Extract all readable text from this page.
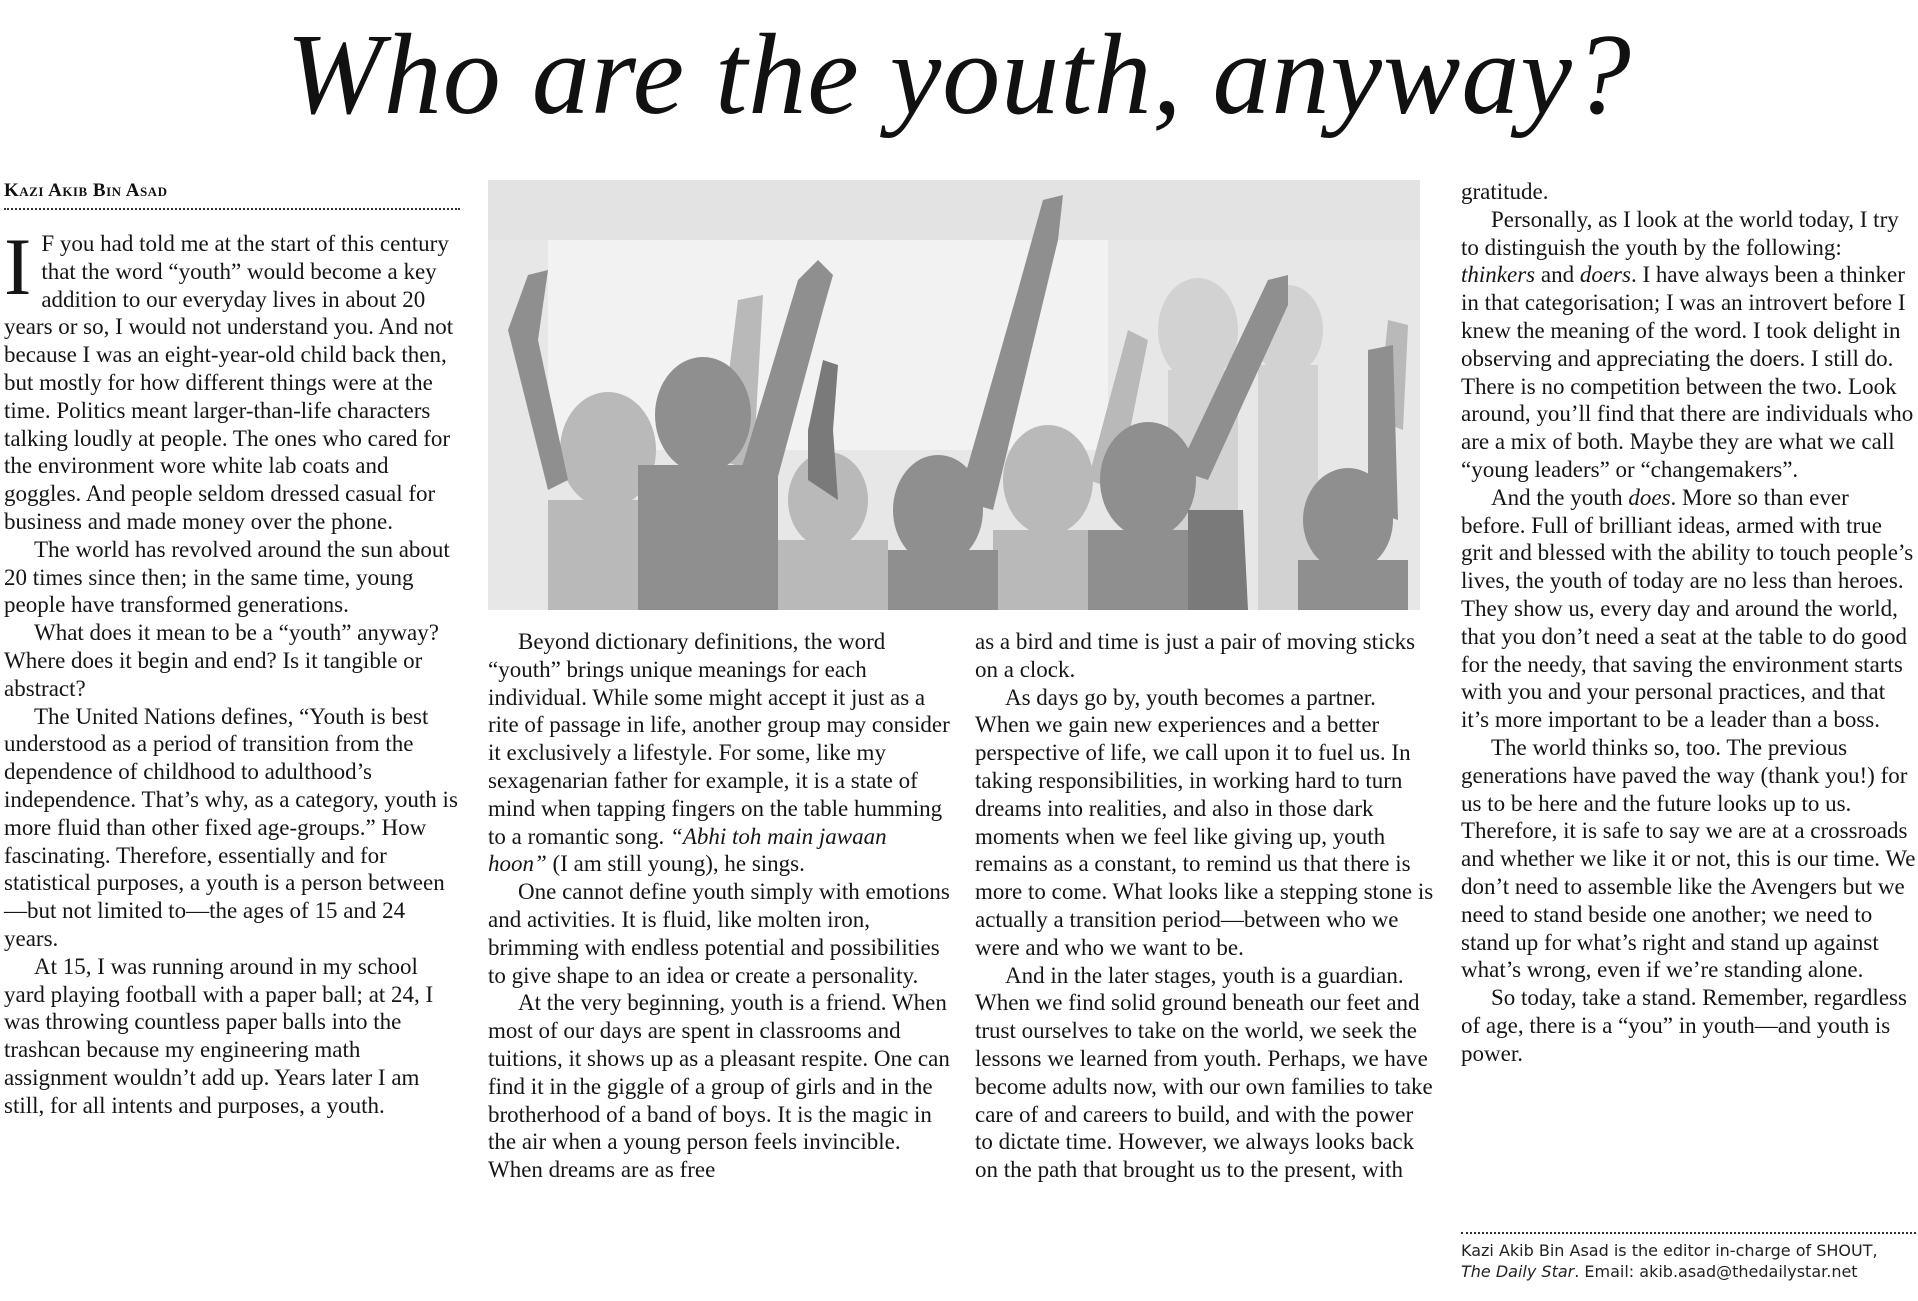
Who are the youth, anyway?
Kazi Akib Bin Asad

I F you had told me at the start of this century that the word “youth” would become a key addition to our everyday lives in about 20 years or so, I would not understand you. And not because I was an eight-year-old child back then, but mostly for how different things were at the time. Politics meant larger-than-life characters talking loudly at people. The ones who cared for the environment wore white lab coats and goggles. And people seldom dressed casual for business and made money over the phone.

The world has revolved around the sun about 20 times since then; in the same time, young people have transformed generations.

What does it mean to be a “youth” anyway? Where does it begin and end? Is it tangible or abstract?

The United Nations defines, “Youth is best understood as a period of transition from the dependence of childhood to adulthood’s independence. That’s why, as a category, youth is more fluid than other fixed age-groups.” How fascinating. Therefore, essentially and for statistical purposes, a youth is a person between—but not limited to—the ages of 15 and 24 years.

At 15, I was running around in my school yard playing football with a paper ball; at 24, I was throwing countless paper balls into the trashcan because my engineering math assignment wouldn’t add up. Years later I am still, for all intents and purposes, a youth.

Beyond dictionary definitions, the word “youth” brings unique meanings for each individual. While some might accept it just as a rite of passage in life, another group may consider it exclusively a lifestyle. For some, like my sexagenarian father for example, it is a state of mind when tapping fingers on the table humming to a romantic song. “Abhi toh main jawaan hoon” (I am still young), he sings.

One cannot define youth simply with emotions and activities. It is fluid, like molten iron, brimming with endless potential and possibilities to give shape to an idea or create a personality.

At the very beginning, youth is a friend. When most of our days are spent in classrooms and tuitions, it shows up as a pleasant respite. One can find it in the giggle of a group of girls and in the brotherhood of a band of boys. It is the magic in the air when a young person feels invincible. When dreams are as free

as a bird and time is just a pair of moving sticks on a clock.

As days go by, youth becomes a partner. When we gain new experiences and a better perspective of life, we call upon it to fuel us. In taking responsibilities, in working hard to turn dreams into realities, and also in those dark moments when we feel like giving up, youth remains as a constant, to remind us that there is more to come. What looks like a stepping stone is actually a transition period—between who we were and who we want to be.

And in the later stages, youth is a guardian. When we find solid ground beneath our feet and trust ourselves to take on the world, we seek the lessons we learned from youth. Perhaps, we have become adults now, with our own families to take care of and careers to build, and with the power to dictate time. However, we always looks back on the path that brought us to the present, with

gratitude.

Personally, as I look at the world today, I try to distinguish the youth by the following: thinkers and doers. I have always been a thinker in that categorisation; I was an introvert before I knew the meaning of the word. I took delight in observing and appreciating the doers. I still do. There is no competition between the two. Look around, you’ll find that there are individuals who are a mix of both. Maybe they are what we call “young leaders” or “changemakers”.

And the youth does. More so than ever before. Full of brilliant ideas, armed with true grit and blessed with the ability to touch people’s lives, the youth of today are no less than heroes. They show us, every day and around the world, that you don’t need a seat at the table to do good for the needy, that saving the environment starts with you and your personal practices, and that it’s more important to be a leader than a boss.

The world thinks so, too. The previous generations have paved the way (thank you!) for us to be here and the future looks up to us. Therefore, it is safe to say we are at a crossroads and whether we like it or not, this is our time. We don’t need to assemble like the Avengers but we need to stand beside one another; we need to stand up for what’s right and stand up against what’s wrong, even if we’re standing alone.

So today, take a stand. Remember, regardless of age, there is a “you” in youth—and youth is power.

Kazi Akib Bin Asad is the editor in-charge of SHOUT,
The Daily Star. Email: akib.asad@thedailystar.net
